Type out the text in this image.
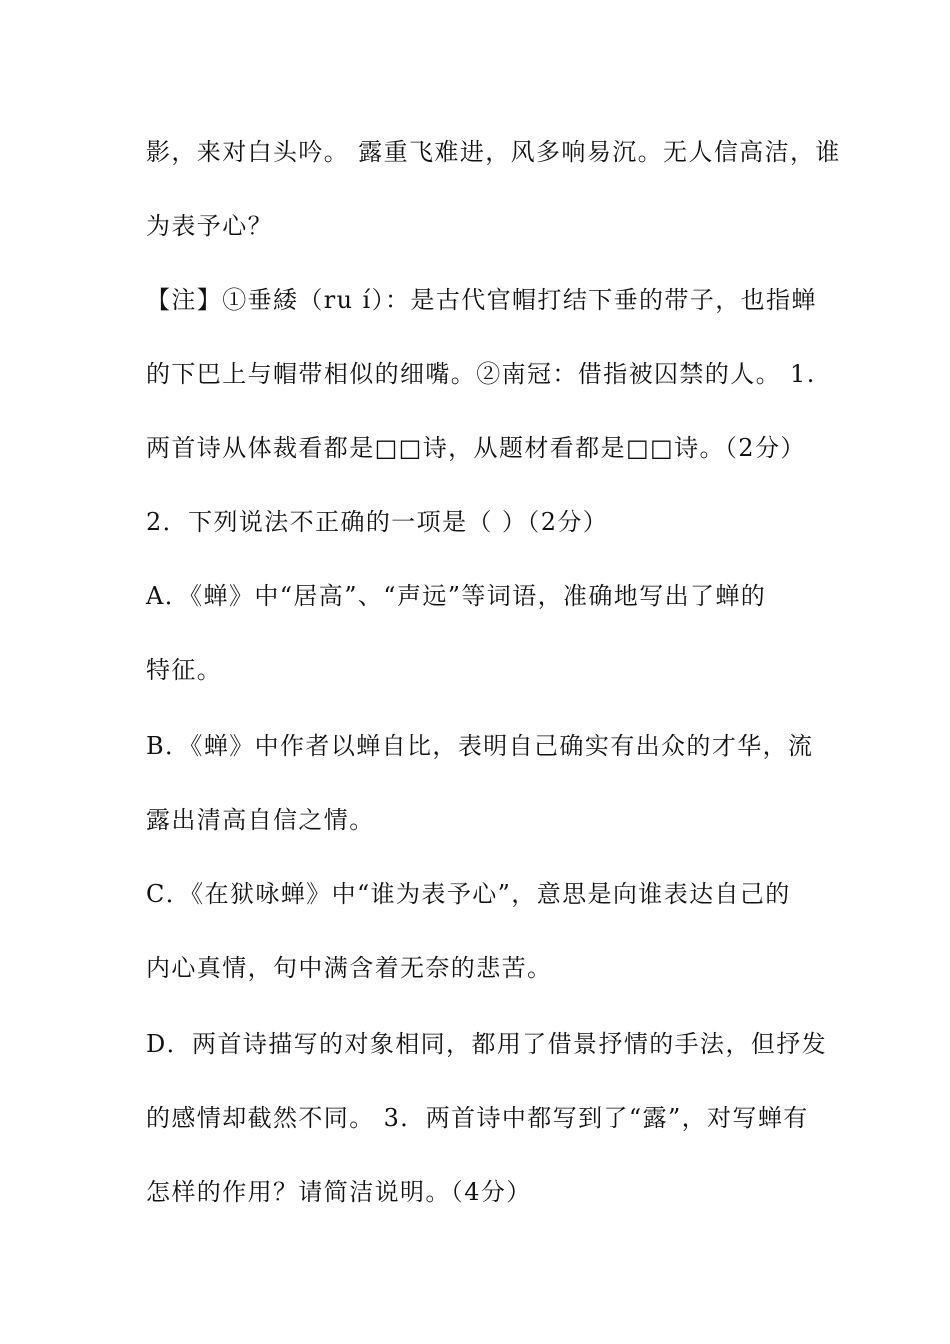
影，来对白头吟。 露重飞难进，风多响易沉。无人信高洁，谁
为表予心？
【注】①垂緌（ru í）：是古代官帽打结下垂的带子，也指蝉
的下巴上与帽带相似的细嘴。②南冠：借指被囚禁的人。 1.
两首诗从体裁看都是□□诗，从题材看都是□□诗。（2分）
2．下列说法不正确的一项是（ ）（2分）
A．《蝉》中“居高”、“声远”等词语，准确地写出了蝉的
特征。
B．《蝉》中作者以蝉自比，表明自己确实有出众的才华，流
露出清高自信之情。
C．《在狱咏蝉》中“谁为表予心”，意思是向谁表达自己的
内心真情，句中满含着无奈的悲苦。
D．两首诗描写的对象相同，都用了借景抒情的手法，但抒发
的感情却截然不同。 3．两首诗中都写到了“露”，对写蝉有
怎样的作用？请简洁说明。（4分）
